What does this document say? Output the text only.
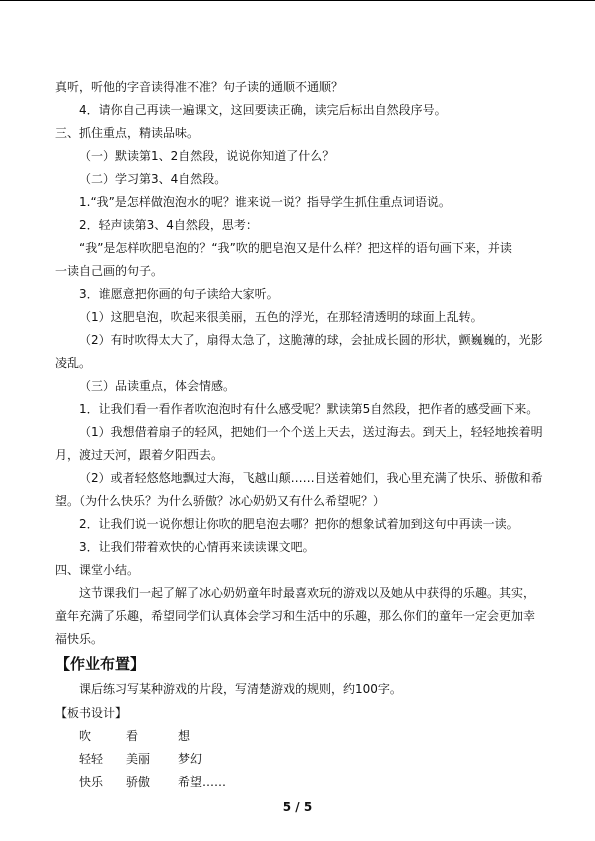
真听，听他的字音读得准不准？句子读的通顺不通顺？
4．请你自己再读一遍课文，这回要读正确，读完后标出自然段序号。
三、抓住重点，精读品味。
（一）默读第1、2自然段，说说你知道了什么？
（二）学习第3、4自然段。
1.“我”是怎样做泡泡水的呢？谁来说一说？指导学生抓住重点词语说。
2．轻声读第3、4自然段，思考：
“我”是怎样吹肥皂泡的？“我”吹的肥皂泡又是什么样？把这样的语句画下来，并读
一读自己画的句子。
3．谁愿意把你画的句子读给大家听。
（1）这肥皂泡，吹起来很美丽，五色的浮光，在那轻清透明的球面上乱转。
（2）有时吹得太大了，扇得太急了，这脆薄的球，会扯成长圆的形状，颤巍巍的，光影
凌乱。
（三）品读重点，体会情感。
1．让我们看一看作者吹泡泡时有什么感受呢？默读第5自然段，把作者的感受画下来。
（1）我想借着扇子的轻风，把她们一个个送上天去，送过海去。到天上，轻轻地挨着明
月，渡过天河，跟着夕阳西去。
（2）或者轻悠悠地飘过大海，飞越山颠……目送着她们，我心里充满了快乐、骄傲和希
望。（为什么快乐？为什么骄傲？冰心奶奶又有什么希望呢？）
2．让我们说一说你想让你吹的肥皂泡去哪？把你的想象试着加到这句中再读一读。
3．让我们带着欢快的心情再来读读课文吧。
四、课堂小结。
这节课我们一起了解了冰心奶奶童年时最喜欢玩的游戏以及她从中获得的乐趣。其实，
童年充满了乐趣，希望同学们认真体会学习和生活中的乐趣，那么你们的童年一定会更加幸
福快乐。
【作业布置】
课后练习写某种游戏的片段，写清楚游戏的规则，约100字。
【板书设计】
吹	看	想
轻轻 美丽 梦幻
快乐 骄傲 希望……
5 / 5
